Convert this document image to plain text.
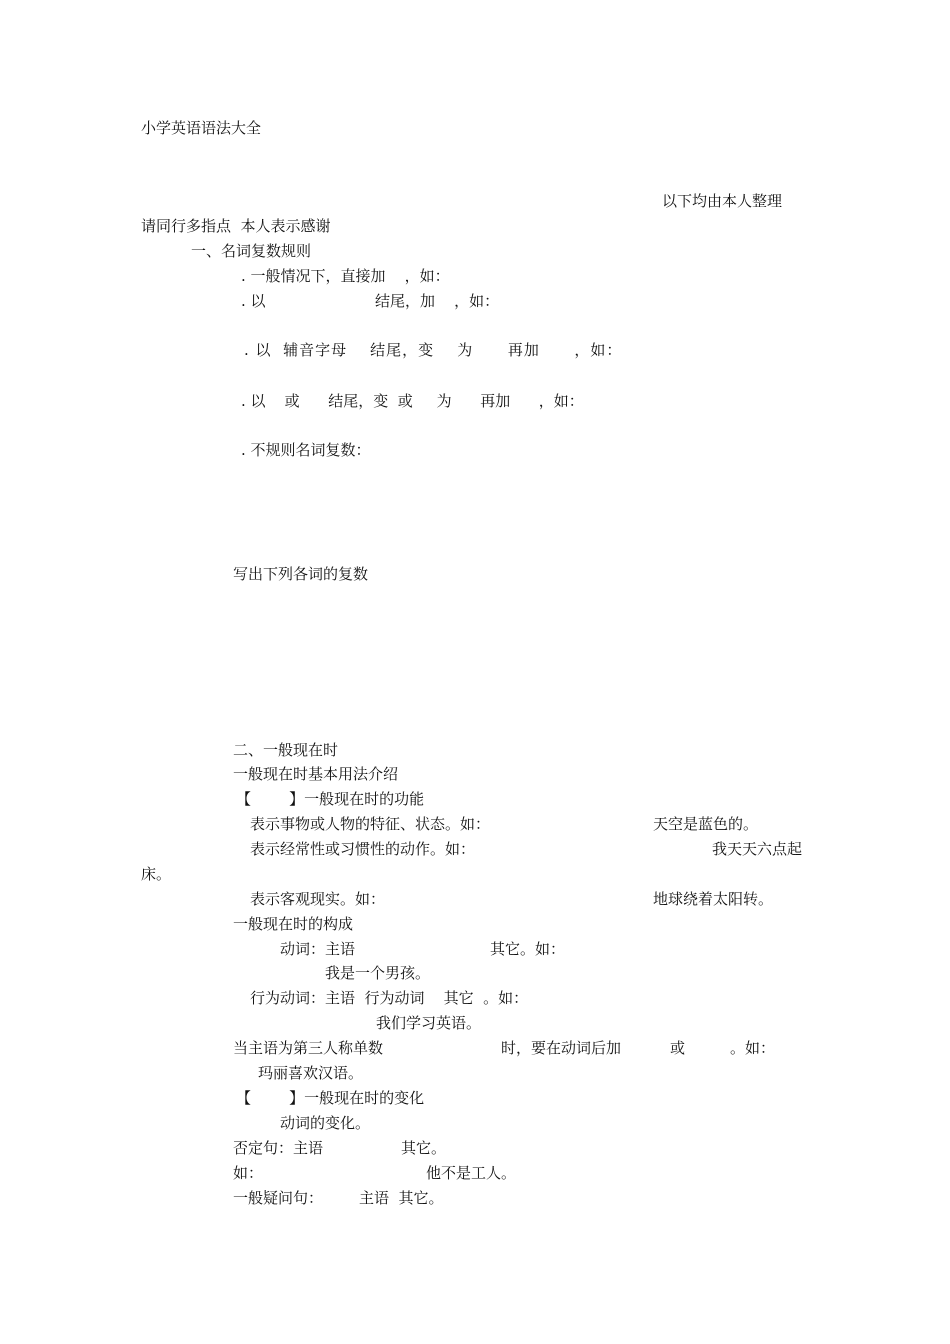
小学英语语法大全
以下均由本人整理
请同行多指点  本人表示感谢
一、名词复数规则
. 一般情况下，直接加    ，如：
. 以	结尾，加    ，如：
. 以  辅音字母    结尾，变    为      再加      ，如：
. 以    或      结尾，变  或     为      再加      ，如：
. 不规则名词复数：
写出下列各词的复数
二、一般现在时
一般现在时基本用法介绍
【        】一般现在时的功能
表示事物或人物的特征、状态。如：	天空是蓝色的。
表示经常性或习惯性的动作。如：	我天天六点起
床。
表示客观现实。如：	地球绕着太阳转。
一般现在时的构成
动词：主语	其它。如：
我是一个男孩。
行为动词：主语  行为动词    其它  。如：
我们学习英语。
当主语为第三人称单数	时，要在动词后加	或	。如：
玛丽喜欢汉语。
【        】一般现在时的变化
动词的变化。
否定句：主语	其它。
如：	他不是工人。
一般疑问句： 主语  其它。
